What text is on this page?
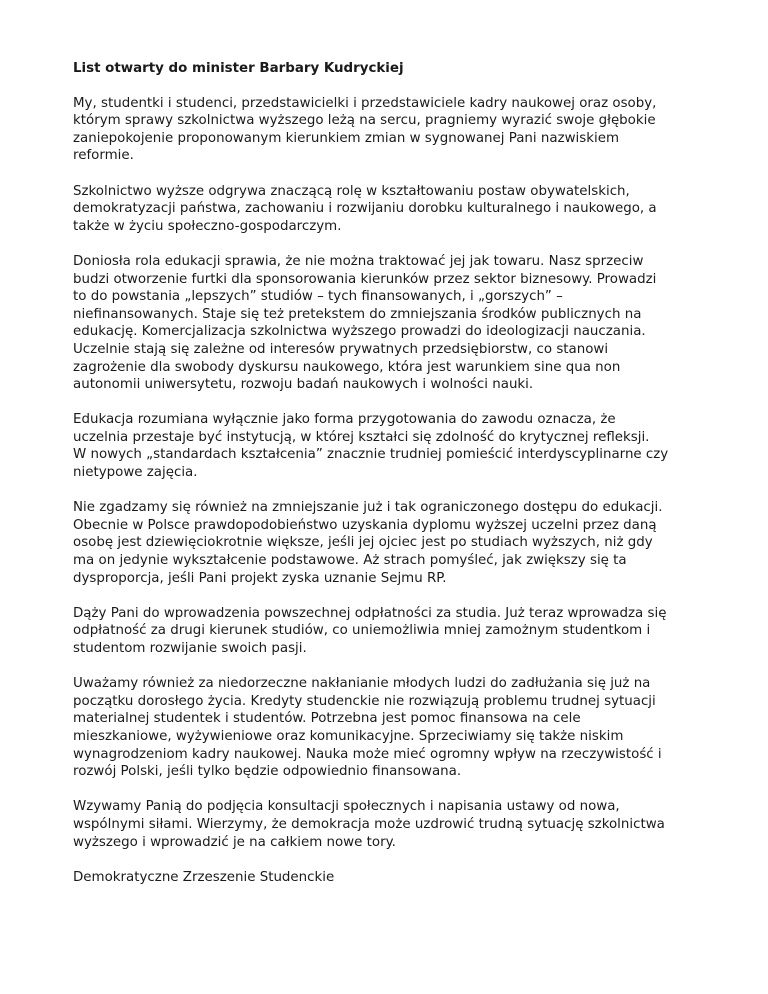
List otwarty do minister Barbary Kudryckiej
My, studentki i studenci, przedstawicielki i przedstawiciele kadry naukowej oraz osoby,
którym sprawy szkolnictwa wyższego leżą na sercu, pragniemy wyrazić swoje głębokie
zaniepokojenie proponowanym kierunkiem zmian w sygnowanej Pani nazwiskiem
reformie.
Szkolnictwo wyższe odgrywa znaczącą rolę w kształtowaniu postaw obywatelskich,
demokratyzacji państwa, zachowaniu i rozwijaniu dorobku kulturalnego i naukowego, a
także w życiu społeczno-gospodarczym.
Doniosła rola edukacji sprawia, że nie można traktować jej jak towaru. Nasz sprzeciw
budzi otworzenie furtki dla sponsorowania kierunków przez sektor biznesowy. Prowadzi
to do powstania „lepszych” studiów – tych finansowanych, i „gorszych” –
niefinansowanych. Staje się też pretekstem do zmniejszania środków publicznych na
edukację. Komercjalizacja szkolnictwa wyższego prowadzi do ideologizacji nauczania.
Uczelnie stają się zależne od interesów prywatnych przedsiębiorstw, co stanowi
zagrożenie dla swobody dyskursu naukowego, która jest warunkiem sine qua non
autonomii uniwersytetu, rozwoju badań naukowych i wolności nauki.
Edukacja rozumiana wyłącznie jako forma przygotowania do zawodu oznacza, że
uczelnia przestaje być instytucją, w której kształci się zdolność do krytycznej refleksji.
W nowych „standardach kształcenia” znacznie trudniej pomieścić interdyscyplinarne czy
nietypowe zajęcia.
Nie zgadzamy się również na zmniejszanie już i tak ograniczonego dostępu do edukacji.
Obecnie w Polsce prawdopodobieństwo uzyskania dyplomu wyższej uczelni przez daną
osobę jest dziewięciokrotnie większe, jeśli jej ojciec jest po studiach wyższych, niż gdy
ma on jedynie wykształcenie podstawowe. Aż strach pomyśleć, jak zwiększy się ta
dysproporcja, jeśli Pani projekt zyska uznanie Sejmu RP.
Dąży Pani do wprowadzenia powszechnej odpłatności za studia. Już teraz wprowadza się
odpłatność za drugi kierunek studiów, co uniemożliwia mniej zamożnym studentkom i
studentom rozwijanie swoich pasji.
Uważamy również za niedorzeczne nakłanianie młodych ludzi do zadłużania się już na
początku dorosłego życia. Kredyty studenckie nie rozwiązują problemu trudnej sytuacji
materialnej studentek i studentów. Potrzebna jest pomoc finansowa na cele
mieszkaniowe, wyżywieniowe oraz komunikacyjne. Sprzeciwiamy się także niskim
wynagrodzeniom kadry naukowej. Nauka może mieć ogromny wpływ na rzeczywistość i
rozwój Polski, jeśli tylko będzie odpowiednio finansowana.
Wzywamy Panią do podjęcia konsultacji społecznych i napisania ustawy od nowa,
wspólnymi siłami. Wierzymy, że demokracja może uzdrowić trudną sytuację szkolnictwa
wyższego i wprowadzić je na całkiem nowe tory.
Demokratyczne Zrzeszenie Studenckie
